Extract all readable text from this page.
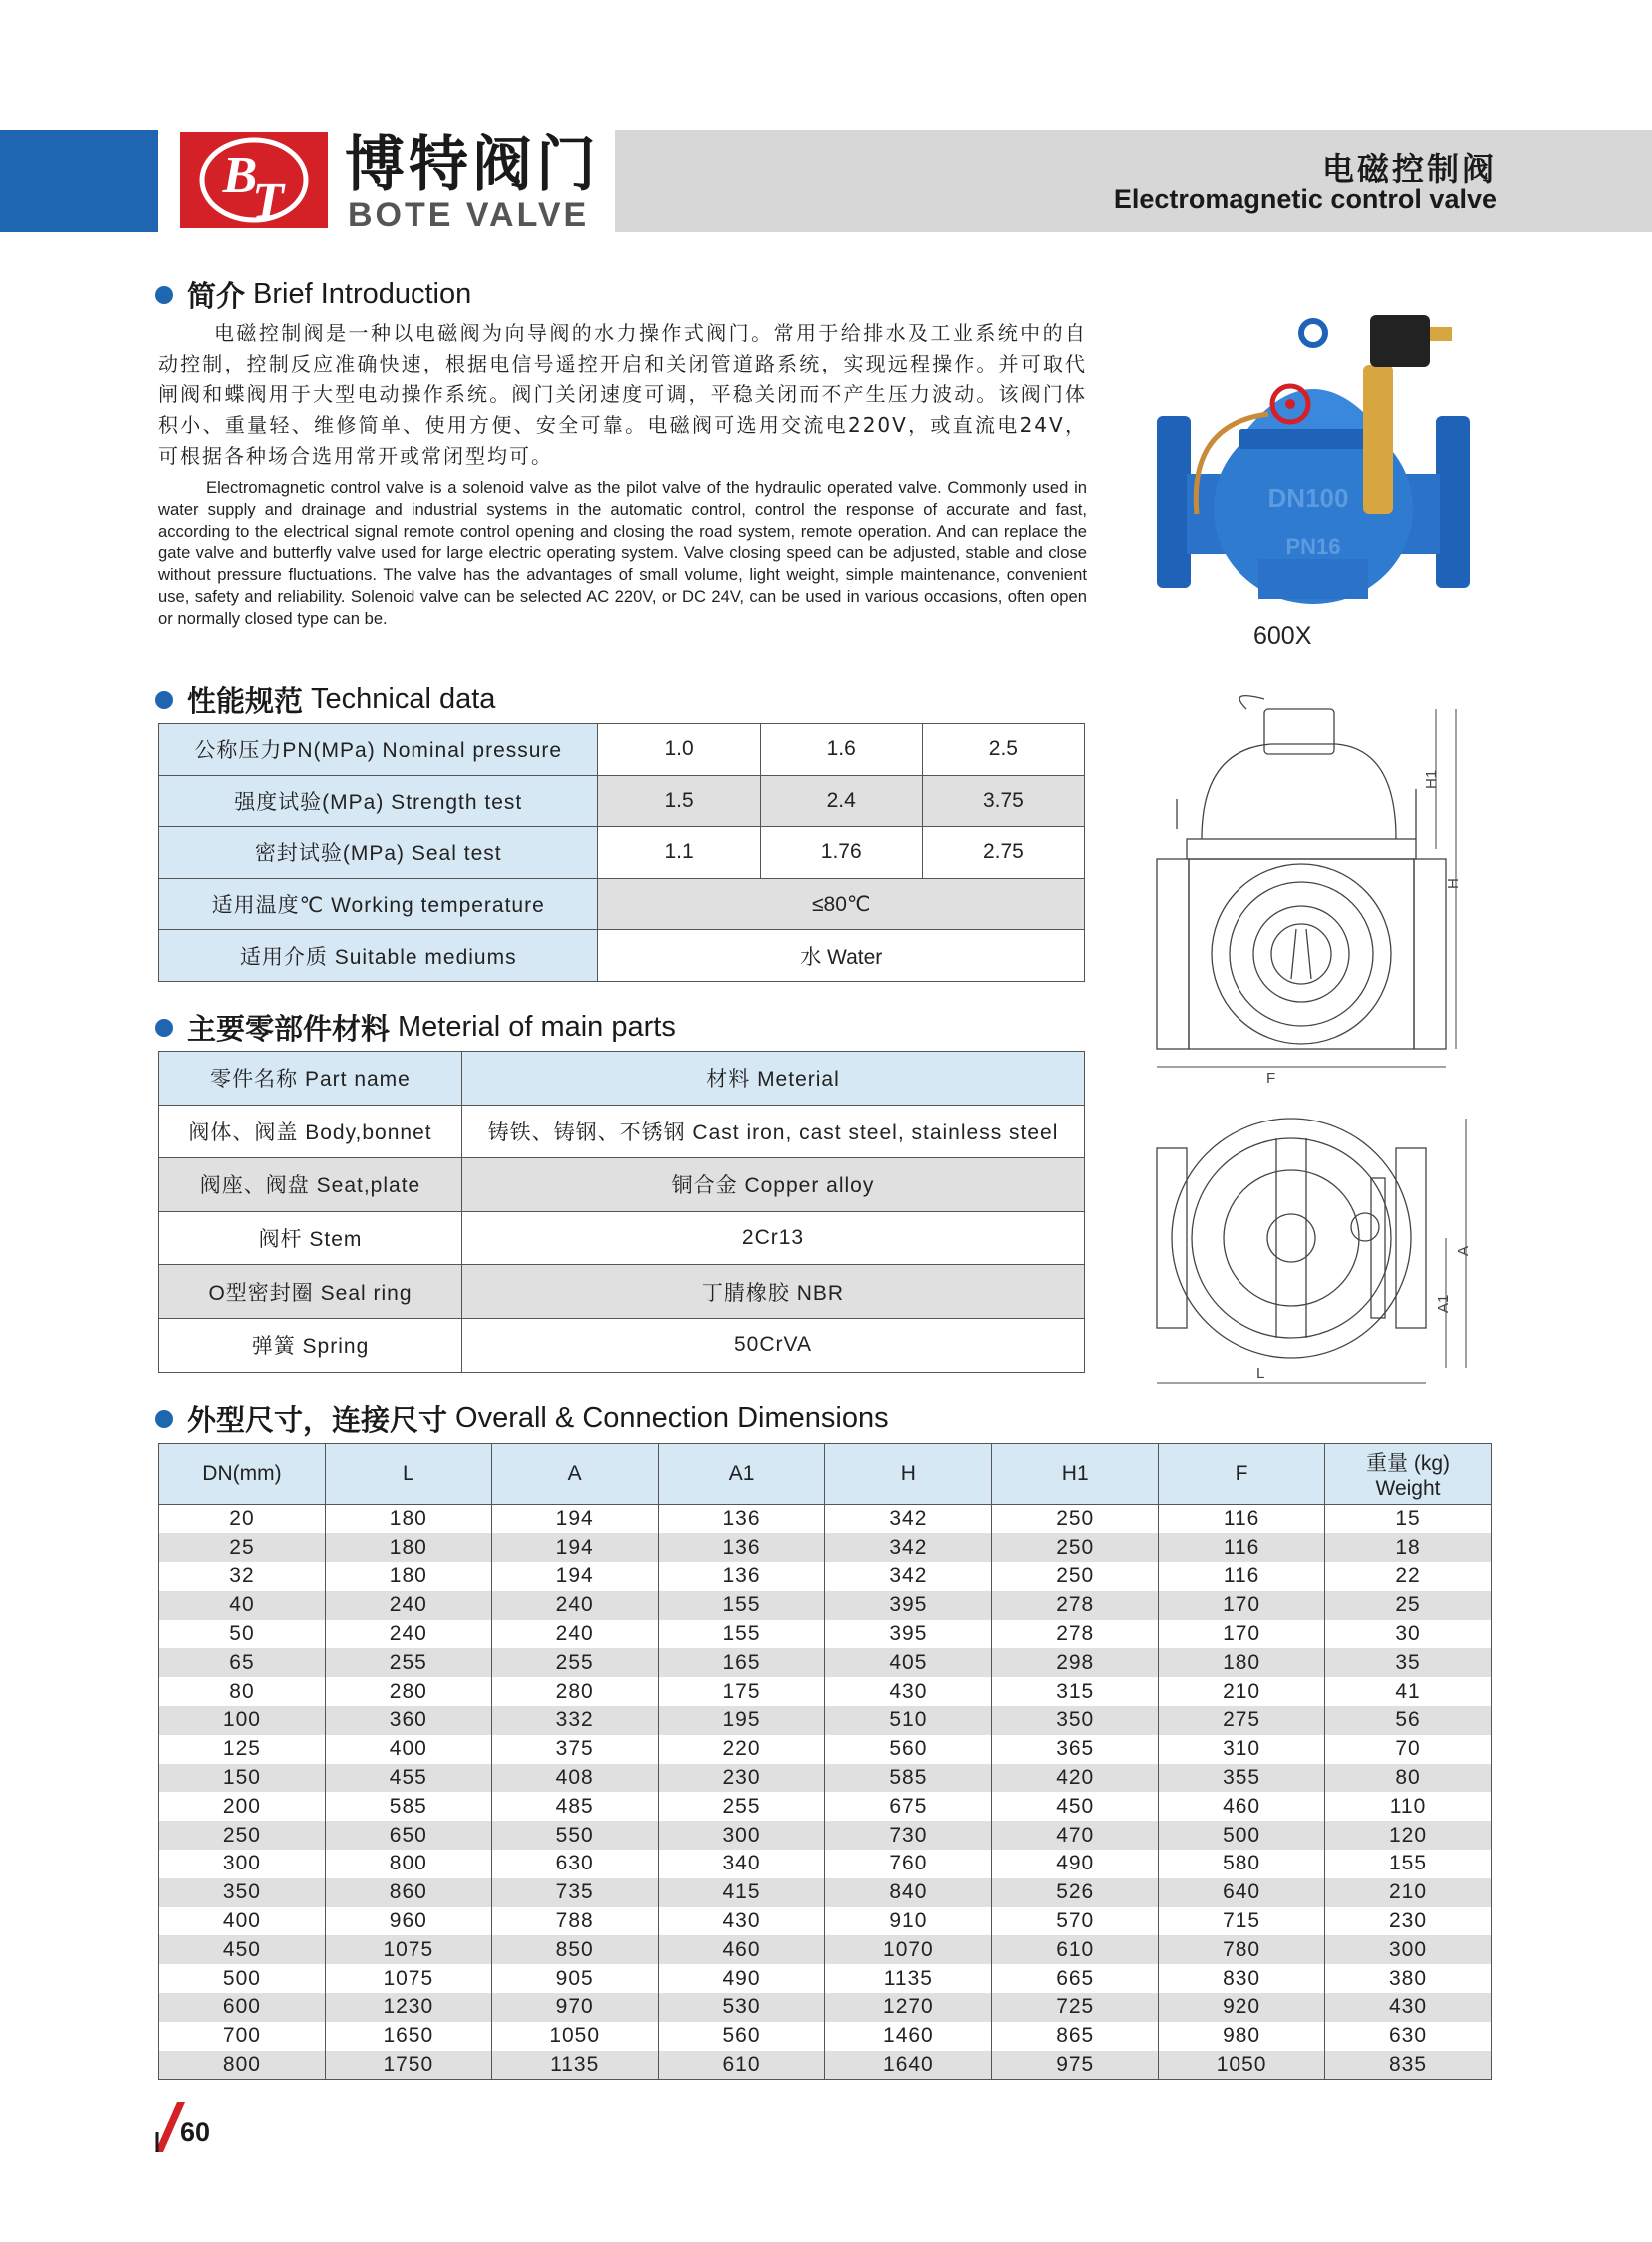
B
T
博特阀门
BOTE VALVE
电磁控制阀
Electromagnetic control valve
简介 Brief Introduction

电磁控制阀是一种以电磁阀为向导阀的水力操作式阀门。常用于给排水及工业系统中的自动控制，控制反应准确快速，根据电信号遥控开启和关闭管道路系统，实现远程操作。并可取代闸阀和蝶阀用于大型电动操作系统。阀门关闭速度可调，平稳关闭而不产生压力波动。该阀门体积小、重量轻、维修简单、使用方便、安全可靠。电磁阀可选用交流电220V，或直流电24V，可根据各种场合选用常开或常闭型均可。

Electromagnetic control valve is a solenoid valve as the pilot valve of the hydraulic operated valve. Commonly used in water supply and drainage and industrial systems in the automatic control, control the response of accurate and fast, according to the electrical signal remote control opening and closing the road system, remote operation. And can replace the gate valve and butterfly valve used for large electric operating system. Valve closing speed can be adjusted, stable and close without pressure fluctuations. The valve has the advantages of small volume, light weight, simple maintenance, convenient use, safety and reliability. Solenoid valve can be selected AC 220V, or DC 24V, can be used in various occasions, often open or normally closed type can be.

DN100
PN16
600X
H1
H
F
A
A1
L
性能规范 Technical data
公称压力PN(MPa) Nominal pressure	1.0	1.6	2.5
强度试验(MPa) Strength test	1.5	2.4	3.75
密封试验(MPa) Seal test	1.1	1.76	2.75
适用温度℃ Working temperature	≤80℃		
适用介质 Suitable mediums	水 Water		
主要零部件材料 Meterial of main parts
零件名称 Part name	材料 Meterial
阀体、阀盖 Body,bonnet	铸铁、铸钢、不锈钢 Cast iron, cast steel, stainless steel
阀座、阀盘 Seat,plate	铜合金 Copper alloy
阀杆 Stem	2Cr13
O型密封圈 Seal ring	丁腈橡胶 NBR
弹簧 Spring	50CrVA
外型尺寸，连接尺寸 Overall & Connection Dimensions
DN(mm)	L	A	A1	H	H1	F	重量 (kg)
Weight

20	180	194	136	342	250	116	15
25	180	194	136	342	250	116	18
32	180	194	136	342	250	116	22
40	240	240	155	395	278	170	25
50	240	240	155	395	278	170	30
65	255	255	165	405	298	180	35
80	280	280	175	430	315	210	41
100	360	332	195	510	350	275	56
125	400	375	220	560	365	310	70
150	455	408	230	585	420	355	80
200	585	485	255	675	450	460	110
250	650	550	300	730	470	500	120
300	800	630	340	760	490	580	155
350	860	735	415	840	526	640	210
400	960	788	430	910	570	715	230
450	1075	850	460	1070	610	780	300
500	1075	905	490	1135	665	830	380
600	1230	970	530	1270	725	920	430
700	1650	1050	560	1460	865	980	630
800	1750	1135	610	1640	975	1050	835
60
